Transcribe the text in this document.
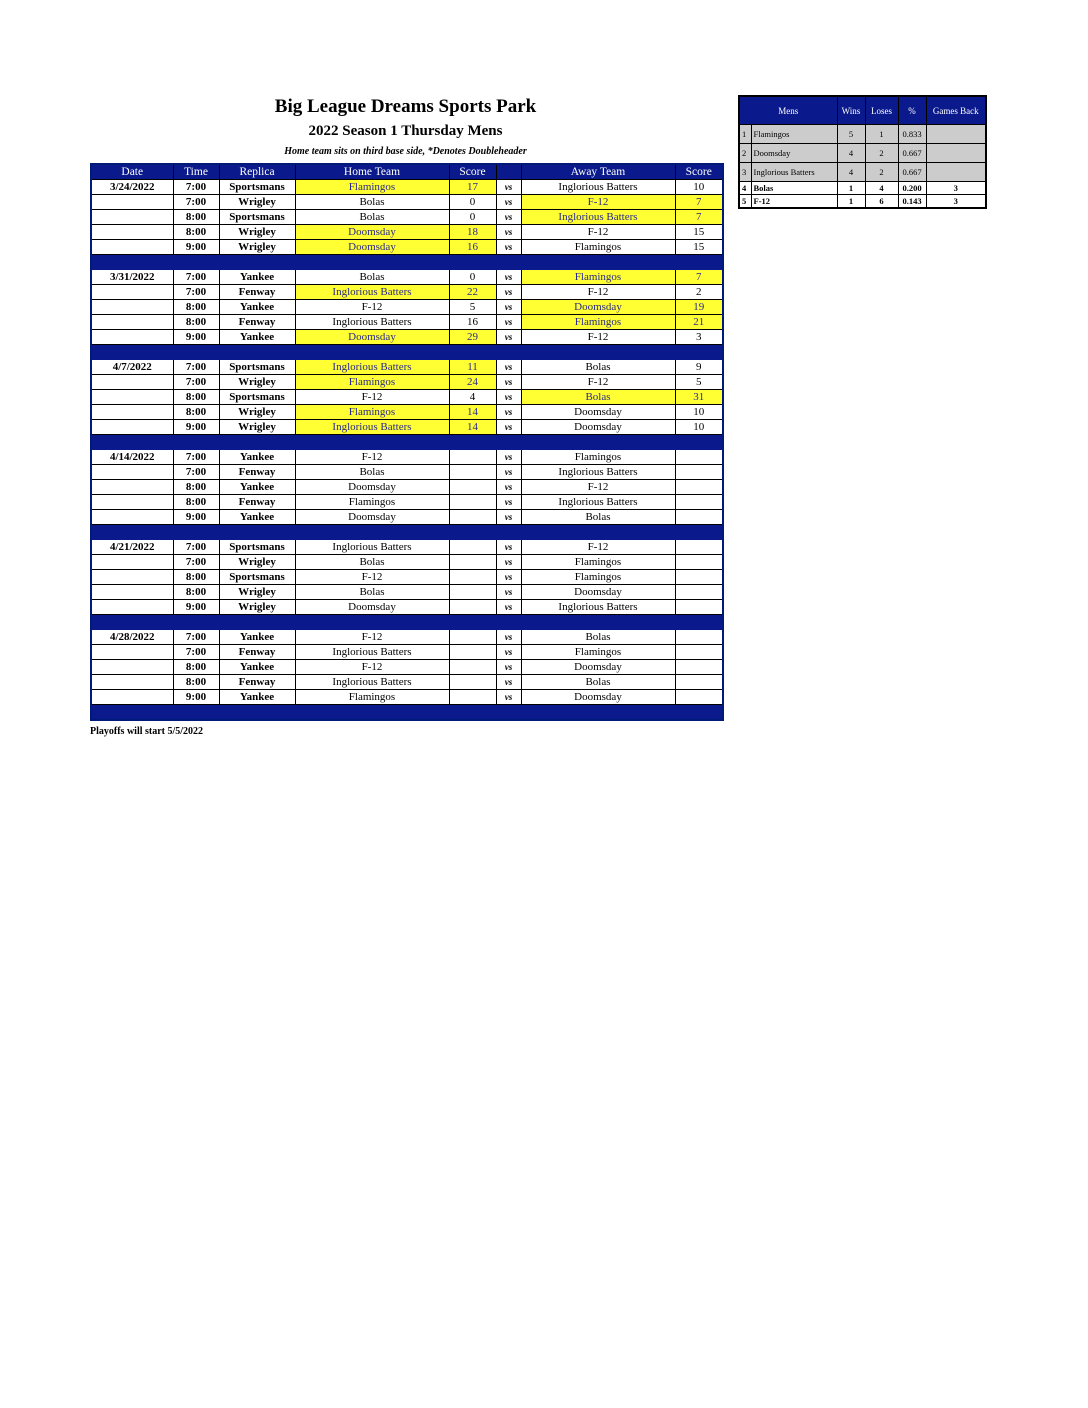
Big League Dreams Sports Park
2022 Season 1 Thursday Mens
Home team sits on third base side, *Denotes Doubleheader
Date	Time	Replica	Home Team	Score		Away Team	Score
3/24/2022	7:00	Sportsmans	Flamingos	17	vs	Inglorious Batters	10
	7:00	Wrigley	Bolas	0	vs	F-12	7
	8:00	Sportsmans	Bolas	0	vs	Inglorious Batters	7
	8:00	Wrigley	Doomsday	18	vs	F-12	15
	9:00	Wrigley	Doomsday	16	vs	Flamingos	15

3/31/2022	7:00	Yankee	Bolas	0	vs	Flamingos	7
	7:00	Fenway	Inglorious Batters	22	vs	F-12	2
	8:00	Yankee	F-12	5	vs	Doomsday	19
	8:00	Fenway	Inglorious Batters	16	vs	Flamingos	21
	9:00	Yankee	Doomsday	29	vs	F-12	3

4/7/2022	7:00	Sportsmans	Inglorious Batters	11	vs	Bolas	9
	7:00	Wrigley	Flamingos	24	vs	F-12	5
	8:00	Sportsmans	F-12	4	vs	Bolas	31
	8:00	Wrigley	Flamingos	14	vs	Doomsday	10
	9:00	Wrigley	Inglorious Batters	14	vs	Doomsday	10

4/14/2022	7:00	Yankee	F-12		vs	Flamingos	
	7:00	Fenway	Bolas		vs	Inglorious Batters	
	8:00	Yankee	Doomsday		vs	F-12	
	8:00	Fenway	Flamingos		vs	Inglorious Batters	
	9:00	Yankee	Doomsday		vs	Bolas	

4/21/2022	7:00	Sportsmans	Inglorious Batters		vs	F-12	
	7:00	Wrigley	Bolas		vs	Flamingos	
	8:00	Sportsmans	F-12		vs	Flamingos	
	8:00	Wrigley	Bolas		vs	Doomsday	
	9:00	Wrigley	Doomsday		vs	Inglorious Batters	

4/28/2022	7:00	Yankee	F-12		vs	Bolas	
	7:00	Fenway	Inglorious Batters		vs	Flamingos	
	8:00	Yankee	F-12		vs	Doomsday	
	8:00	Fenway	Inglorious Batters		vs	Bolas	
	9:00	Yankee	Flamingos		vs	Doomsday	

Playoffs will start 5/5/2022
Mens		Wins	Loses	%	Games Back
1	Flamingos	5	1	0.833	
2	Doomsday	4	2	0.667	
3	Inglorious Batters	4	2	0.667	
4	Bolas	1	4	0.200	3
5	F-12	1	6	0.143	3
